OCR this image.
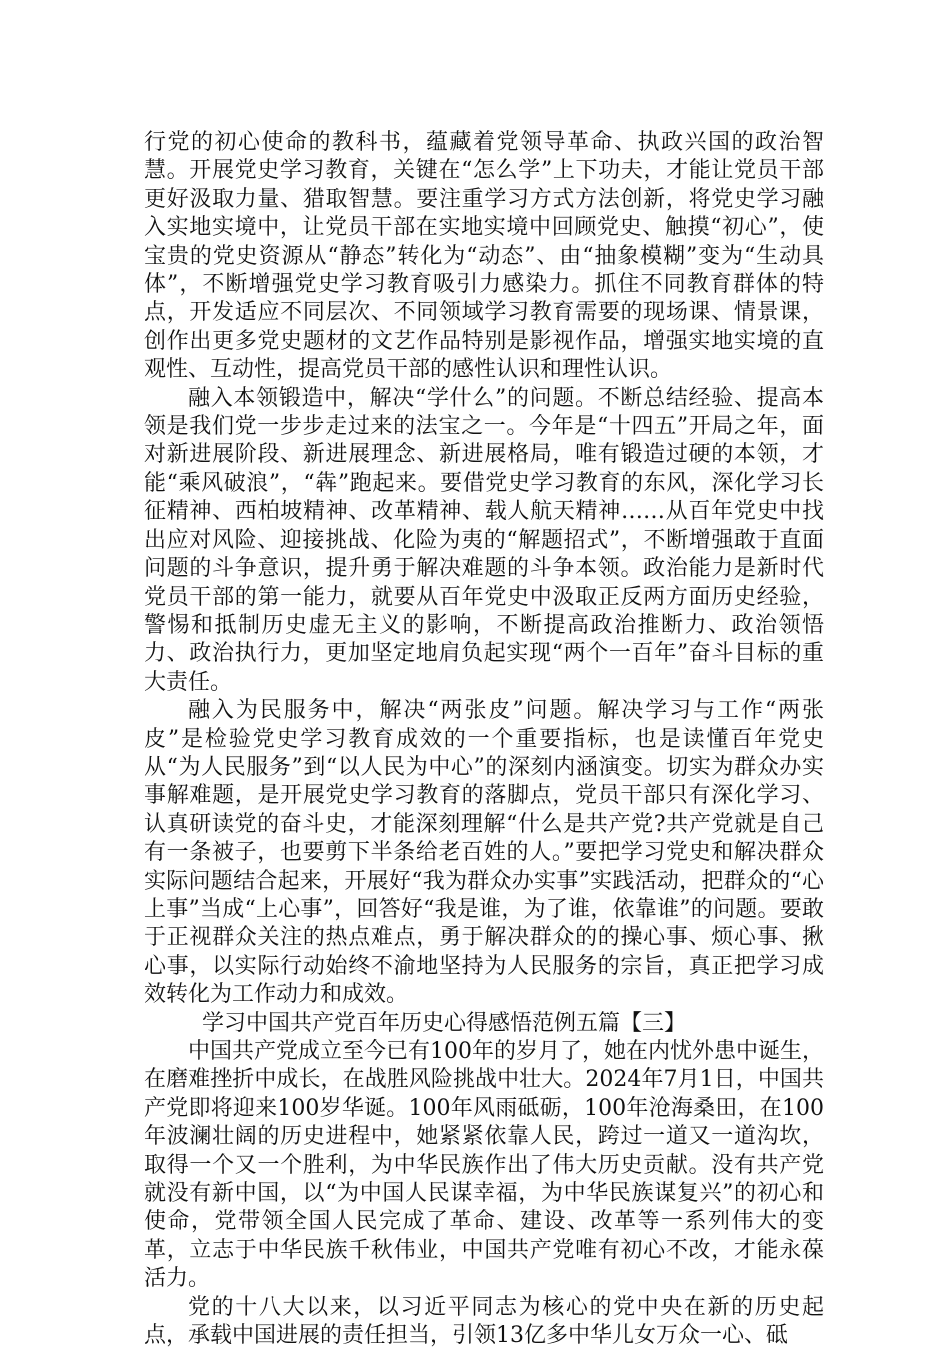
行党的初心使命的教科书，蕴藏着党领导革命、执政兴国的政治智慧。开展党史学习教育，关键在“怎么学”上下功夫，才能让党员干部更好汲取力量、猎取智慧。要注重学习方式方法创新，将党史学习融入实地实境中，让党员干部在实地实境中回顾党史、触摸“初心”，使宝贵的党史资源从“静态”转化为“动态”、由“抽象模糊”变为“生动具体”，不断增强党史学习教育吸引力感染力。抓住不同教育群体的特点，开发适应不同层次、不同领域学习教育需要的现场课、情景课，创作出更多党史题材的文艺作品特别是影视作品，增强实地实境的直观性、互动性，提高党员干部的感性认识和理性认识。

融入本领锻造中，解决“学什么”的问题。不断总结经验、提高本领是我们党一步步走过来的法宝之一。今年是“十四五”开局之年，面对新进展阶段、新进展理念、新进展格局，唯有锻造过硬的本领，才能“乘风破浪”，“犇”跑起来。要借党史学习教育的东风，深化学习长征精神、西柏坡精神、改革精神、载人航天精神……从百年党史中找出应对风险、迎接挑战、化险为夷的“解题招式”，不断增强敢于直面问题的斗争意识，提升勇于解决难题的斗争本领。政治能力是新时代党员干部的第一能力，就要从百年党史中汲取正反两方面历史经验，警惕和抵制历史虚无主义的影响，不断提高政治推断力、政治领悟力、政治执行力，更加坚定地肩负起实现“两个一百年”奋斗目标的重大责任。

融入为民服务中，解决“两张皮”问题。解决学习与工作“两张皮”是检验党史学习教育成效的一个重要指标，也是读懂百年党史从“为人民服务”到“以人民为中心”的深刻内涵演变。切实为群众办实事解难题，是开展党史学习教育的落脚点，党员干部只有深化学习、认真研读党的奋斗史，才能深刻理解“什么是共产党?共产党就是自己有一条被子，也要剪下半条给老百姓的人。”要把学习党史和解决群众实际问题结合起来，开展好“我为群众办实事”实践活动，把群众的“心上事”当成“上心事”，回答好“我是谁，为了谁，依靠谁”的问题。要敢于正视群众关注的热点难点，勇于解决群众的的操心事、烦心事、揪心事，以实际行动始终不渝地坚持为人民服务的宗旨，真正把学习成效转化为工作动力和成效。

学习中国共产党百年历史心得感悟范例五篇【三】

中国共产党成立至今已有100年的岁月了，她在内忧外患中诞生，在磨难挫折中成长，在战胜风险挑战中壮大。2024年7月1日，中国共产党即将迎来100岁华诞。100年风雨砥砺，100年沧海桑田，在100年波澜壮阔的历史进程中，她紧紧依靠人民，跨过一道又一道沟坎，取得一个又一个胜利，为中华民族作出了伟大历史贡献。没有共产党就没有新中国，以“为中国人民谋幸福，为中华民族谋复兴”的初心和使命，党带领全国人民完成了革命、建设、改革等一系列伟大的变革，立志于中华民族千秋伟业，中国共产党唯有初心不改，才能永葆活力。

党的十八大以来，以习近平同志为核心的党中央在新的历史起点，承载中国进展的责任担当，引领13亿多中华儿女万众一心、砥
